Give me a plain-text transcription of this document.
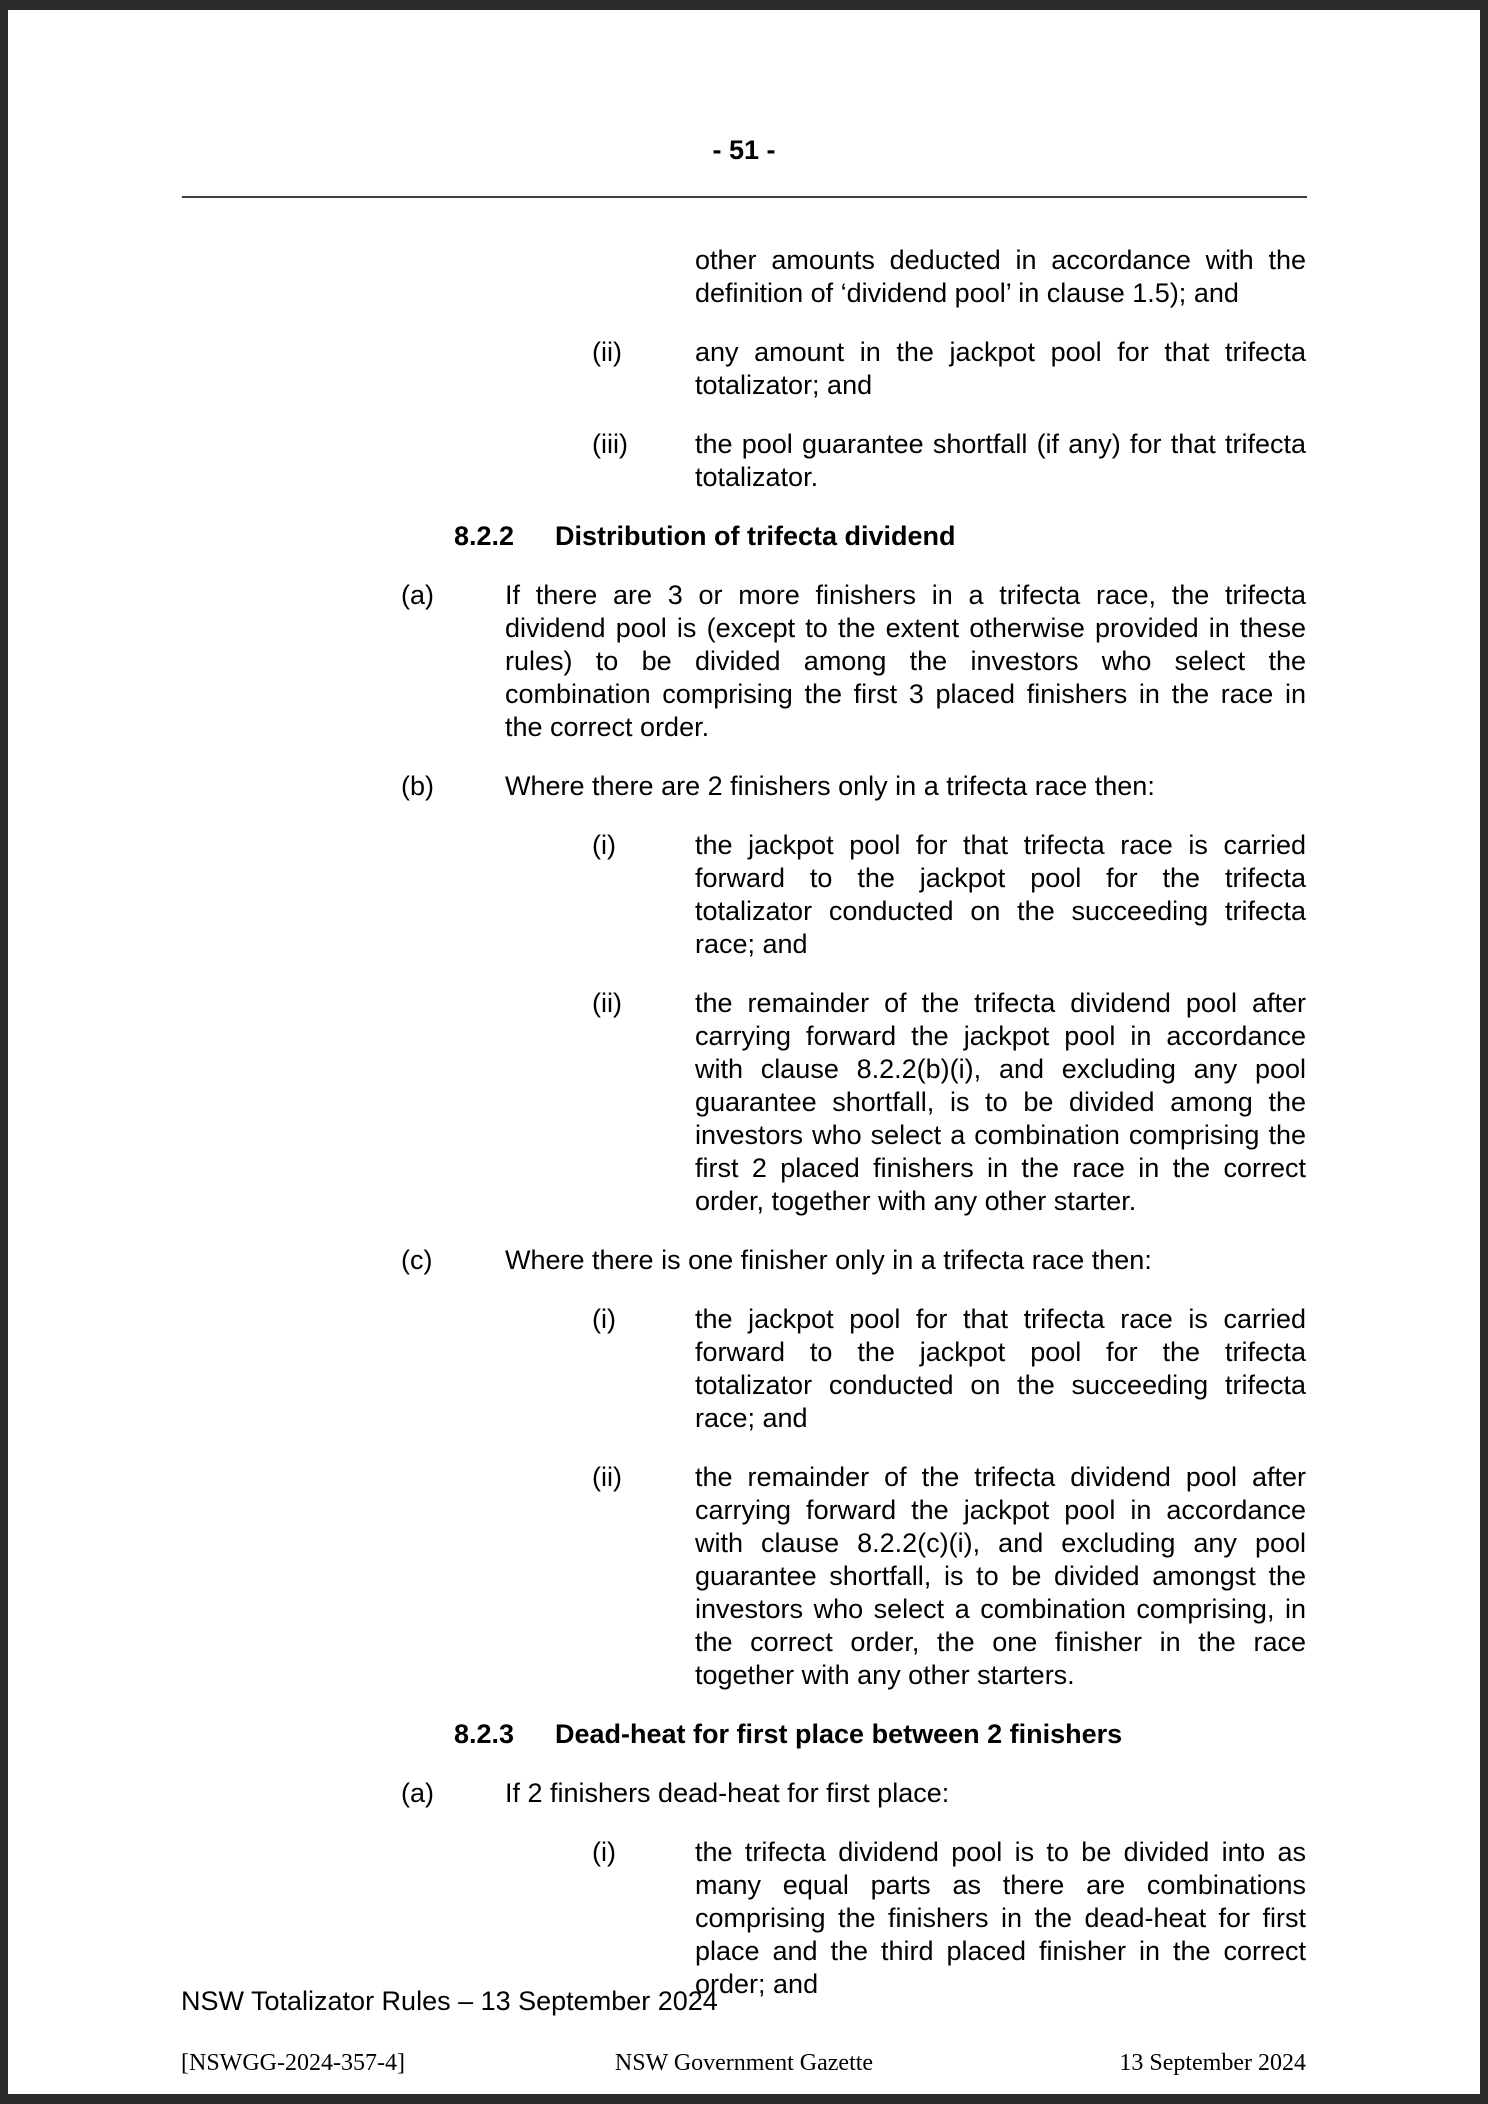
- 51 -
other amounts deducted in accordance with the definition of ‘dividend pool’ in clause 1.5); and
(ii)	any amount in the jackpot pool for that trifecta totalizator; and
(iii)	the pool guarantee shortfall (if any) for that trifecta totalizator.
8.2.2	Distribution of trifecta dividend
(a)	If there are 3 or more finishers in a trifecta race, the trifecta dividend pool is (except to the extent otherwise provided in these rules) to be divided among the investors who select the combination comprising the first 3 placed finishers in the race in the correct order.
(b)	Where there are 2 finishers only in a trifecta race then:
(i)	the jackpot pool for that trifecta race is carried forward to the jackpot pool for the trifecta totalizator conducted on the succeeding trifecta race; and
(ii)	the remainder of the trifecta dividend pool after carrying forward the jackpot pool in accordance with clause 8.2.2(b)(i), and excluding any pool guarantee shortfall, is to be divided among the investors who select a combination comprising the first 2 placed finishers in the race in the correct order, together with any other starter.
(c)	Where there is one finisher only in a trifecta race then:
(i)	the jackpot pool for that trifecta race is carried forward to the jackpot pool for the trifecta totalizator conducted on the succeeding trifecta race; and
(ii)	the remainder of the trifecta dividend pool after carrying forward the jackpot pool in accordance with clause 8.2.2(c)(i), and excluding any pool guarantee shortfall, is to be divided amongst the investors who select a combination comprising, in the correct order, the one finisher in the race together with any other starters.
8.2.3	Dead-heat for first place between 2 finishers
(a)	If 2 finishers dead-heat for first place:
(i)	the trifecta dividend pool is to be divided into as many equal parts as there are combinations comprising the finishers in the dead-heat for first place and the third placed finisher in the correct order; and
NSW Totalizator Rules – 13 September 2024
[NSWGG-2024-357-4]	NSW Government Gazette	13 September 2024
